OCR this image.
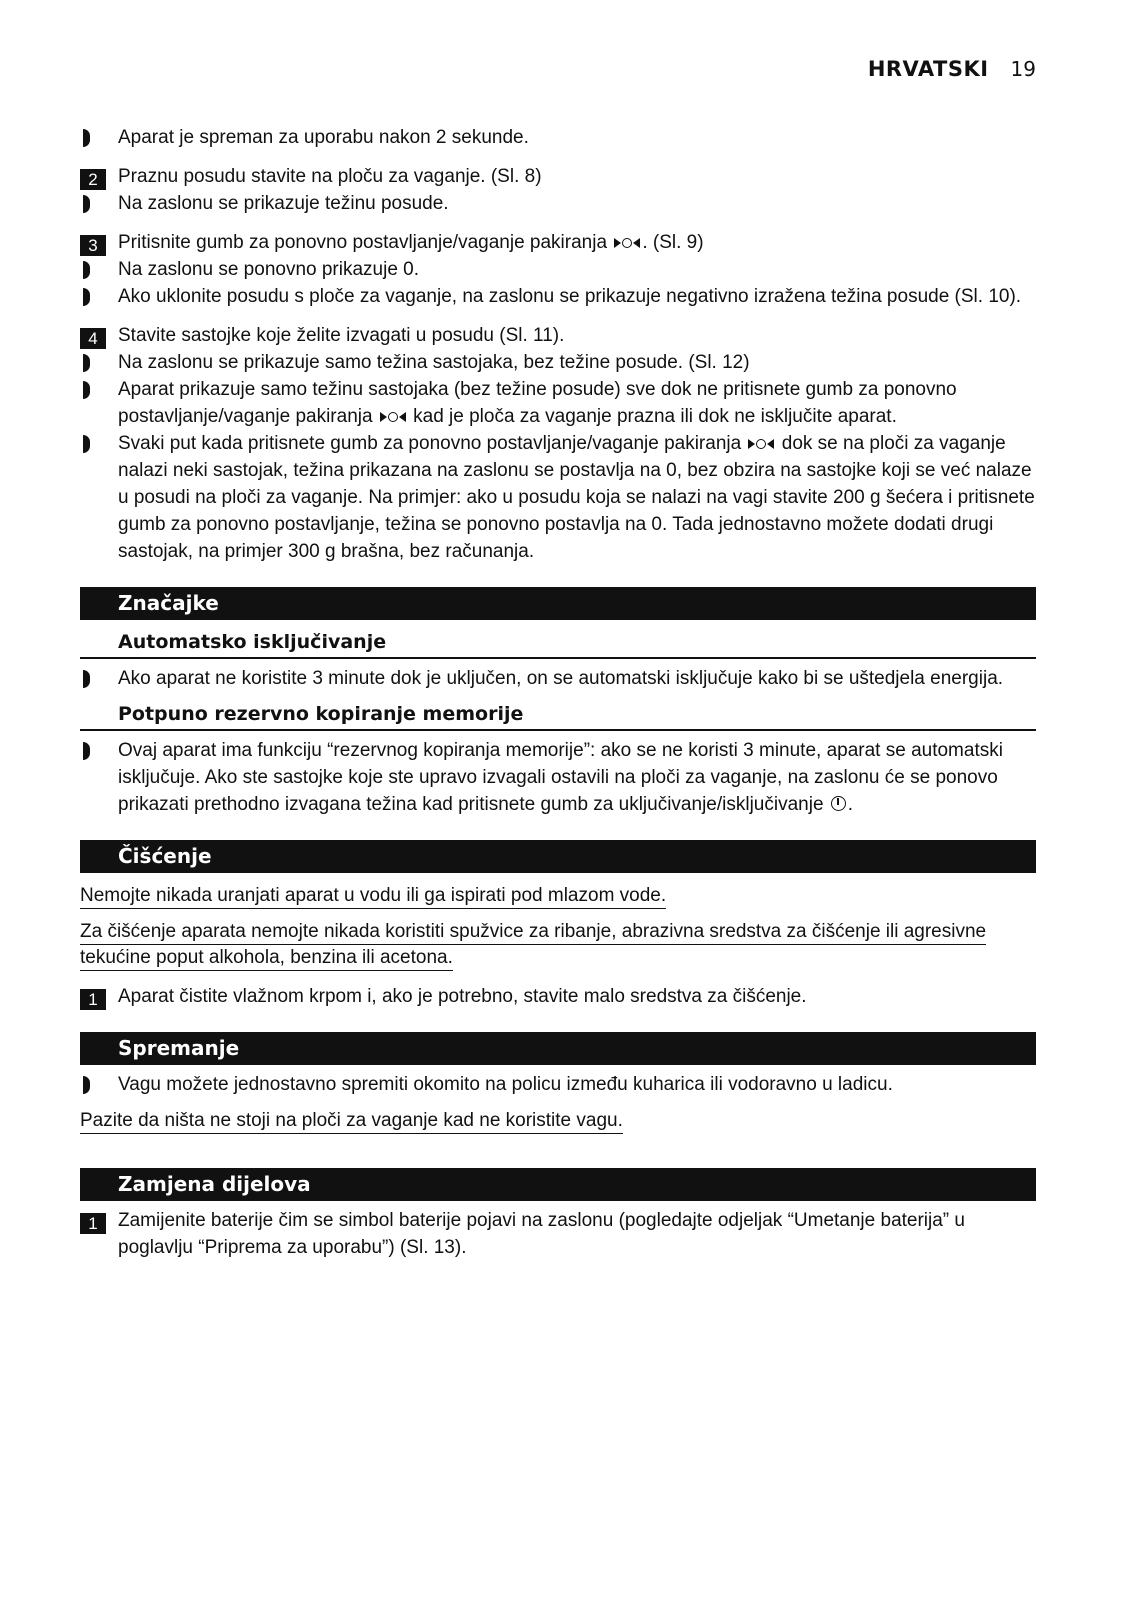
HRVATSKI 19
Aparat je spreman za uporabu nakon 2 sekunde.
2	Praznu posudu stavite na ploču za vaganje. (Sl. 8)
Na zaslonu se prikazuje težinu posude.
3	Pritisnite gumb za ponovno postavljanje/vaganje pakiranja . (Sl. 9)
Na zaslonu se ponovno prikazuje 0.
Ako uklonite posudu s ploče za vaganje, na zaslonu se prikazuje negativno izražena težina posude (Sl. 10).
4	Stavite sastojke koje želite izvagati u posudu (Sl. 11).
Na zaslonu se prikazuje samo težina sastojaka, bez težine posude. (Sl. 12)
Aparat prikazuje samo težinu sastojaka (bez težine posude) sve dok ne pritisnete gumb za ponovno postavljanje/vaganje pakiranja kad je ploča za vaganje prazna ili dok ne isključite aparat.
Svaki put kada pritisnete gumb za ponovno postavljanje/vaganje pakiranja dok se na ploči za vaganje nalazi neki sastojak, težina prikazana na zaslonu se postavlja na 0, bez obzira na sastojke koji se već nalaze u posudi na ploči za vaganje. Na primjer: ako u posudu koja se nalazi na vagi stavite 200 g šećera i pritisnete gumb za ponovno postavljanje, težina se ponovno postavlja na 0. Tada jednostavno možete dodati drugi sastojak, na primjer 300 g brašna, bez računanja.
Značajke
Automatsko isključivanje
Ako aparat ne koristite 3 minute dok je uključen, on se automatski isključuje kako bi se uštedjela energija.
Potpuno rezervno kopiranje memorije
Ovaj aparat ima funkciju “rezervnog kopiranja memorije”: ako se ne koristi 3 minute, aparat se automatski isključuje. Ako ste sastojke koje ste upravo izvagali ostavili na ploči za vaganje, na zaslonu će se ponovo prikazati prethodno izvagana težina kad pritisnete gumb za uključivanje/isključivanje .
Čišćenje
Nemojte nikada uranjati aparat u vodu ili ga ispirati pod mlazom vode.
Za čišćenje aparata nemojte nikada koristiti spužvice za ribanje, abrazivna sredstva za čišćenje ili agresivne tekućine poput alkohola, benzina ili acetona.
1	Aparat čistite vlažnom krpom i, ako je potrebno, stavite malo sredstva za čišćenje.
Spremanje
Vagu možete jednostavno spremiti okomito na policu između kuharica ili vodoravno u ladicu.
Pazite da ništa ne stoji na ploči za vaganje kad ne koristite vagu.
Zamjena dijelova
1	Zamijenite baterije čim se simbol baterije pojavi na zaslonu (pogledajte odjeljak “Umetanje baterija” u poglavlju “Priprema za uporabu”) (Sl. 13).
